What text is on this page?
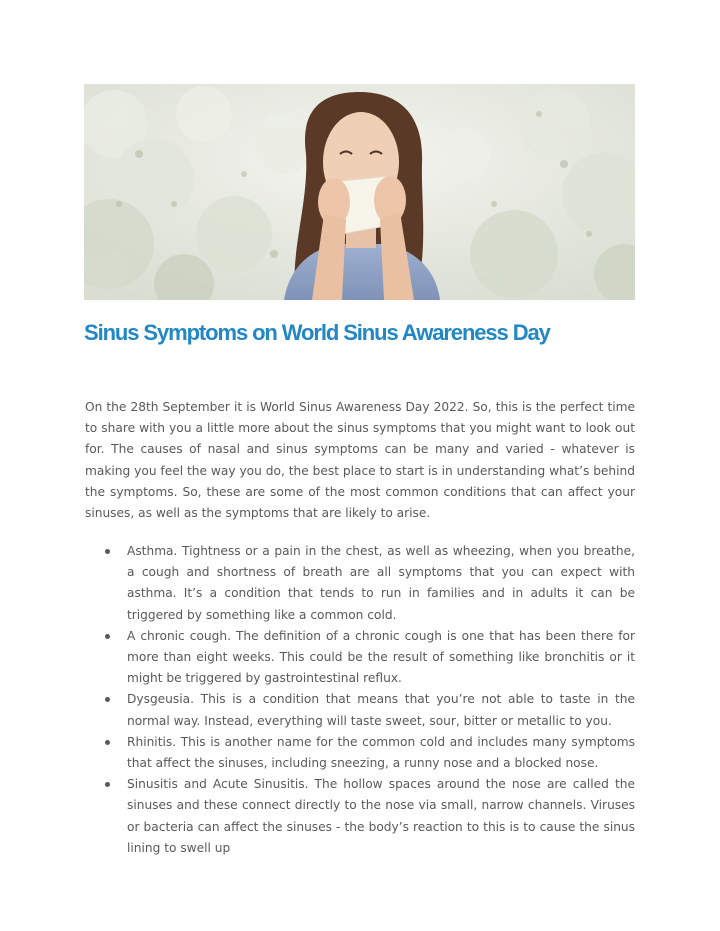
Sinus Symptoms on World Sinus Awareness Day

On the 28th September it is World Sinus Awareness Day 2022. So, this is the perfect time to share with you a little more about the sinus symptoms that you might want to look out for. The causes of nasal and sinus symptoms can be many and varied - whatever is making you feel the way you do, the best place to start is in understanding what’s behind the symptoms. So, these are some of the most common conditions that can affect your sinuses, as well as the symptoms that are likely to arise.

Asthma. Tightness or a pain in the chest, as well as wheezing, when you breathe, a cough and shortness of breath are all symptoms that you can expect with asthma. It’s a condition that tends to run in families and in adults it can be triggered by something like a common cold.
A chronic cough. The definition of a chronic cough is one that has been there for more than eight weeks. This could be the result of something like bronchitis or it might be triggered by gastrointestinal reflux.
Dysgeusia. This is a condition that means that you’re not able to taste in the normal way. Instead, everything will taste sweet, sour, bitter or metallic to you.
Rhinitis. This is another name for the common cold and includes many symptoms that affect the sinuses, including sneezing, a runny nose and a blocked nose.
Sinusitis and Acute Sinusitis. The hollow spaces around the nose are called the sinuses and these connect directly to the nose via small, narrow channels. Viruses or bacteria can affect the sinuses - the body’s reaction to this is to cause the sinus lining to swell up
